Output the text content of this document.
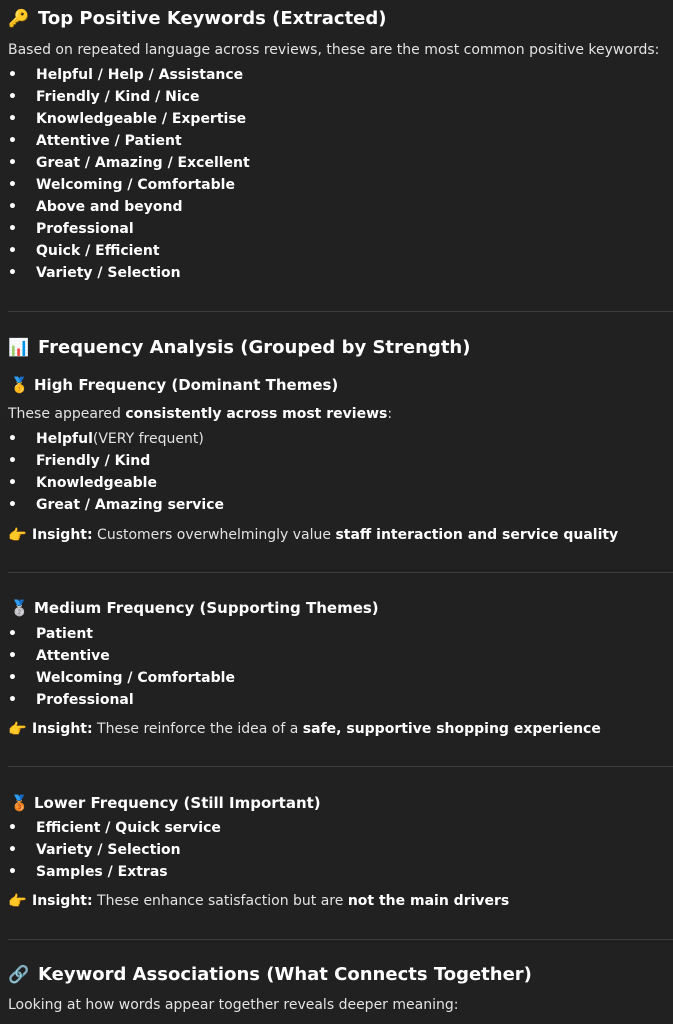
🔑 Top Positive Keywords (Extracted)
Based on repeated language across reviews, these are the most common positive keywords:
•	Helpful / Help / Assistance
•	Friendly / Kind / Nice
•	Knowledgeable / Expertise
•	Attentive / Patient
•	Great / Amazing / Excellent
•	Welcoming / Comfortable
•	Above and beyond
•	Professional
•	Quick / Efficient
•	Variety / Selection
📊 Frequency Analysis (Grouped by Strength)
🥇 High Frequency (Dominant Themes)
These appeared consistently across most reviews:
•	Helpful (VERY frequent)
•	Friendly / Kind
•	Knowledgeable
•	Great / Amazing service
👉 Insight: Customers overwhelmingly value staff interaction and service quality
🥈 Medium Frequency (Supporting Themes)
•	Patient
•	Attentive
•	Welcoming / Comfortable
•	Professional
👉 Insight: These reinforce the idea of a safe, supportive shopping experience
🥉 Lower Frequency (Still Important)
•	Efficient / Quick service
•	Variety / Selection
•	Samples / Extras
👉 Insight: These enhance satisfaction but are not the main drivers
🔗 Keyword Associations (What Connects Together)
Looking at how words appear together reveals deeper meaning:
